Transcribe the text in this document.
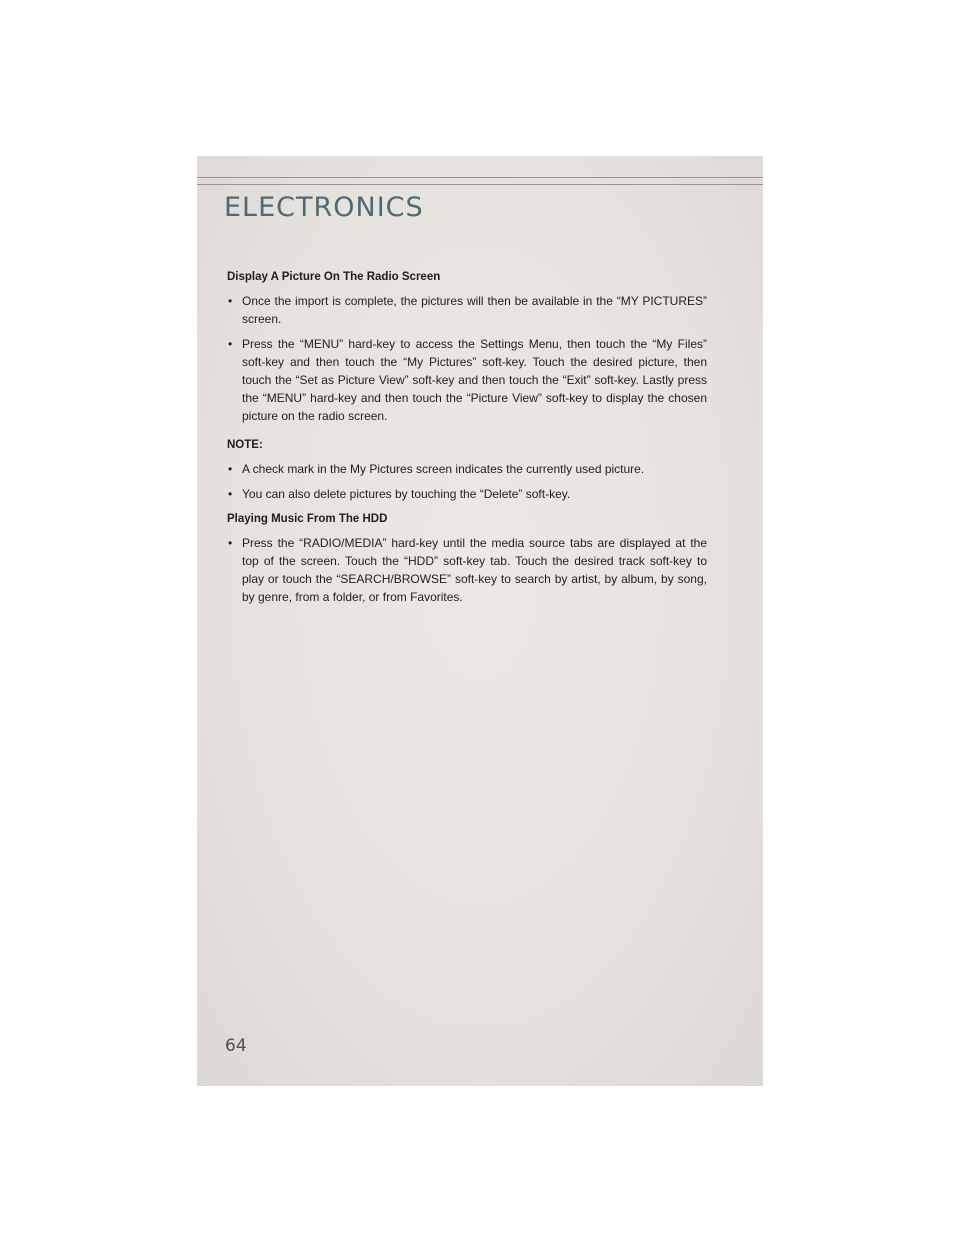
ELECTRONICS
Display A Picture On The Radio Screen
• Once the import is complete, the pictures will then be available in the “MY PICTURES” screen.
• Press the “MENU” hard-key to access the Settings Menu, then touch the “My Files” soft-key and then touch the “My Pictures” soft-key. Touch the desired picture, then touch the “Set as Picture View” soft-key and then touch the “Exit” soft-key. Lastly press the “MENU” hard-key and then touch the “Picture View” soft-key to display the chosen picture on the radio screen.
NOTE:
• A check mark in the My Pictures screen indicates the currently used picture.
• You can also delete pictures by touching the “Delete” soft-key.
Playing Music From The HDD
• Press the “RADIO/MEDIA” hard-key until the media source tabs are displayed at the top of the screen. Touch the “HDD” soft-key tab. Touch the desired track soft-key to play or touch the “SEARCH/BROWSE” soft-key to search by artist, by album, by song, by genre, from a folder, or from Favorites.
64
